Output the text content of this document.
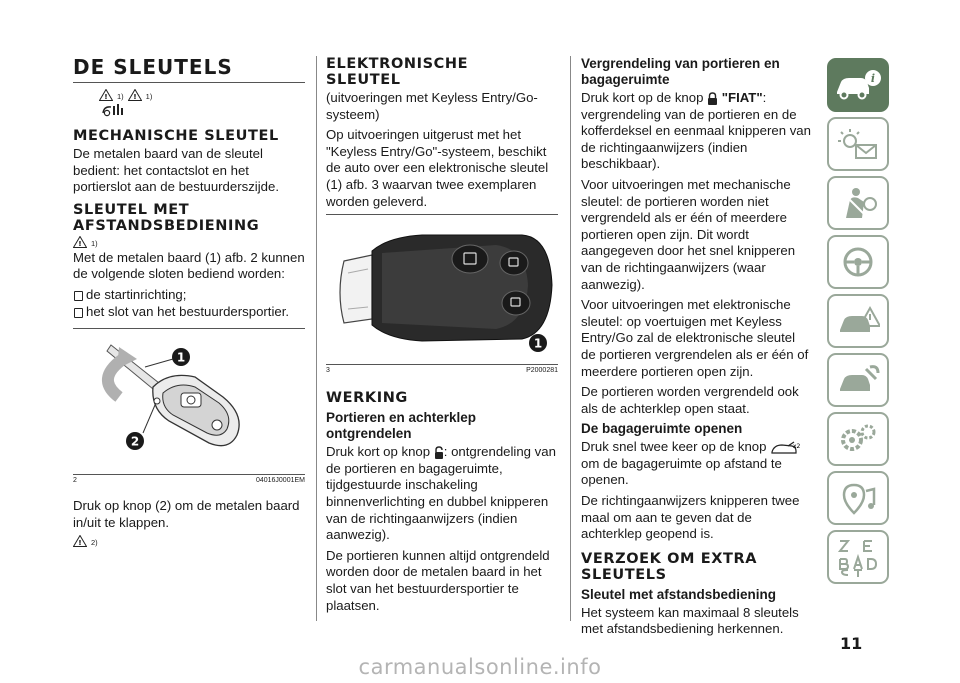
DE SLEUTELS
! 1) ! 1)
MECHANISCHE SLEUTEL

De metalen baard van de sleutel bedient: het contactslot en het portierslot aan de bestuurderszijde.

SLEUTEL MET AFSTANDSBEDIENING
! 1)

Met de metalen baard (1) afb. 2 kunnen de volgende sloten bediend worden:

de startinrichting;
het slot van het bestuurdersportier.
1
2
2	04016J0001EM

Druk op knop (2) om de metalen baard in/uit te klappen.

! 2)
ELEKTRONISCHE SLEUTEL

(uitvoeringen met Keyless Entry/Go-systeem)

Op uitvoeringen uitgerust met het "Keyless Entry/Go"-systeem, beschikt de auto over een elektronische sleutel (1) afb. 3 waarvan twee exemplaren worden geleverd.

1
3	P2000281
WERKING
Portieren en achterklep ontgrendelen

Druk kort op knop : ontgrendeling van de portieren en bagageruimte, tijdgestuurde inschakeling binnenverlichting en dubbel knipperen van de richtingaanwijzers (indien aanwezig).

De portieren kunnen altijd ontgrendeld worden door de metalen baard in het slot van het bestuurdersportier te plaatsen.

Vergrendeling van portieren en bagageruimte

Druk kort op de knop "FIAT": vergrendeling van de portieren en de kofferdeksel en eenmaal knipperen van de richtingaanwijzers (indien beschikbaar).

Voor uitvoeringen met mechanische sleutel: de portieren worden niet vergrendeld als er één of meerdere portieren open zijn. Dit wordt aangegeven door het snel knipperen van de richtingaanwijzers (waar aanwezig).

Voor uitvoeringen met elektronische sleutel: op voertuigen met Keyless Entry/Go zal de elektronische sleutel de portieren vergrendelen als er één of meerdere portieren open zijn.

De portieren worden vergrendeld ook als de achterklep open staat.

De bagageruimte openen

Druk snel twee keer op de knop	x2
om de bagageruimte op afstand te openen.

De richtingaanwijzers knipperen twee maal om aan te geven dat de achterklep geopend is.

VERZOEK OM EXTRA SLEUTELS
Sleutel met afstandsbediening

Het systeem kan maximaal 8 sleutels met afstandsbediening herkennen.

i
11
carmanualsonline.info
